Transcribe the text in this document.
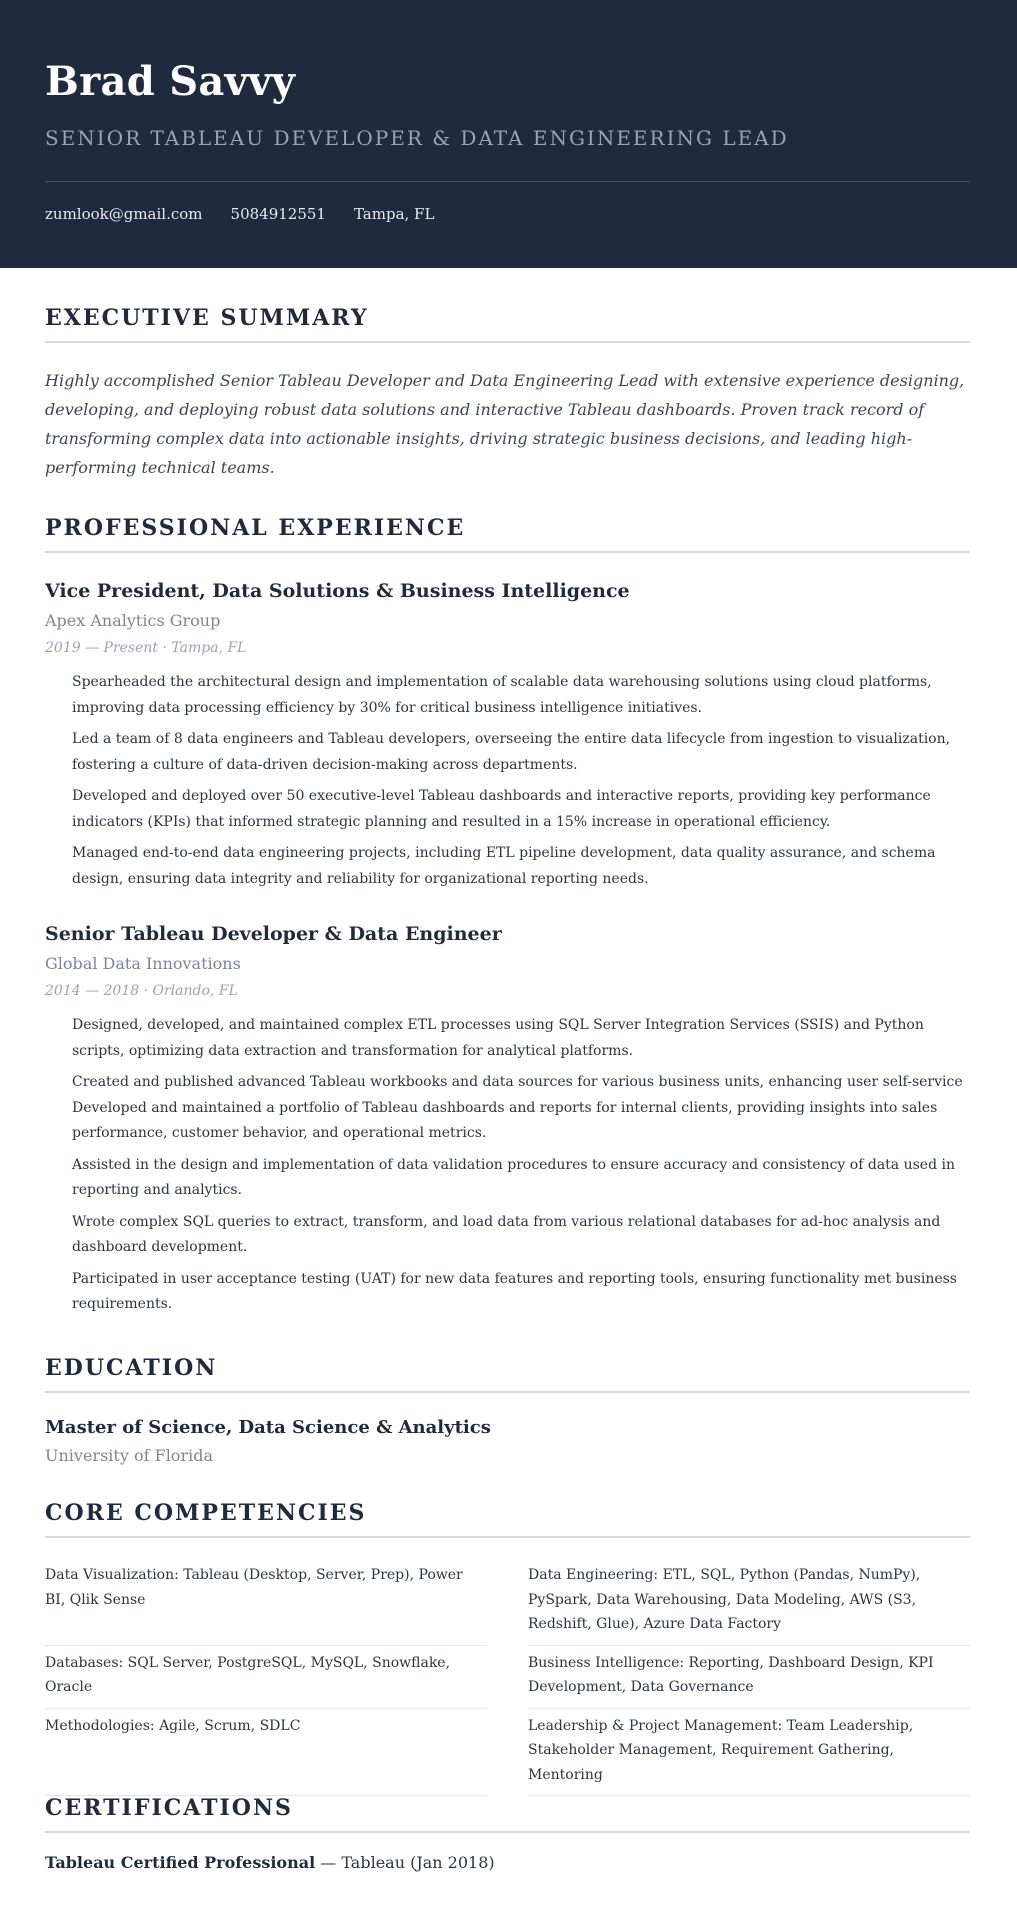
Brad Savvy
SENIOR TABLEAU DEVELOPER & DATA ENGINEERING LEAD
zumlook@gmail.com 5084912551 Tampa, FL
EXECUTIVE SUMMARY

Highly accomplished Senior Tableau Developer and Data Engineering Lead with extensive experience designing, developing, and deploying robust data solutions and interactive Tableau dashboards. Proven track record of transforming complex data into actionable insights, driving strategic business decisions, and leading high-performing technical teams.

PROFESSIONAL EXPERIENCE
Vice President, Data Solutions & Business Intelligence
Apex Analytics Group
2019 — Present · Tampa, FL
Spearheaded the architectural design and implementation of scalable data warehousing solutions using cloud platforms, improving data processing efficiency by 30% for critical business intelligence initiatives.
Led a team of 8 data engineers and Tableau developers, overseeing the entire data lifecycle from ingestion to visualization, fostering a culture of data-driven decision-making across departments.
Developed and deployed over 50 executive-level Tableau dashboards and interactive reports, providing key performance indicators (KPIs) that informed strategic planning and resulted in a 15% increase in operational efficiency.
Managed end-to-end data engineering projects, including ETL pipeline development, data quality assurance, and schema design, ensuring data integrity and reliability for organizational reporting needs.
Senior Tableau Developer & Data Engineer
Global Data Innovations
2014 — 2018 · Orlando, FL
Designed, developed, and maintained complex ETL processes using SQL Server Integration Services (SSIS) and Python scripts, optimizing data extraction and transformation for analytical platforms.
Created and published advanced Tableau workbooks and data sources for various business units, enhancing user self-service
Developed and maintained a portfolio of Tableau dashboards and reports for internal clients, providing insights into sales performance, customer behavior, and operational metrics.
Assisted in the design and implementation of data validation procedures to ensure accuracy and consistency of data used in reporting and analytics.
Wrote complex SQL queries to extract, transform, and load data from various relational databases for ad-hoc analysis and dashboard development.
Participated in user acceptance testing (UAT) for new data features and reporting tools, ensuring functionality met business requirements.
EDUCATION
Master of Science, Data Science & Analytics
University of Florida
CORE COMPETENCIES
Data Visualization: Tableau (Desktop, Server, Prep), Power BI, Qlik Sense
Data Engineering: ETL, SQL, Python (Pandas, NumPy), PySpark, Data Warehousing, Data Modeling, AWS (S3, Redshift, Glue), Azure Data Factory
Databases: SQL Server, PostgreSQL, MySQL, Snowflake, Oracle
Business Intelligence: Reporting, Dashboard Design, KPI Development, Data Governance
Methodologies: Agile, Scrum, SDLC	Leadership & Project Management: Team Leadership, Stakeholder Management, Requirement Gathering, Mentoring
CERTIFICATIONS
Tableau Certified Professional — Tableau (Jan 2018)
